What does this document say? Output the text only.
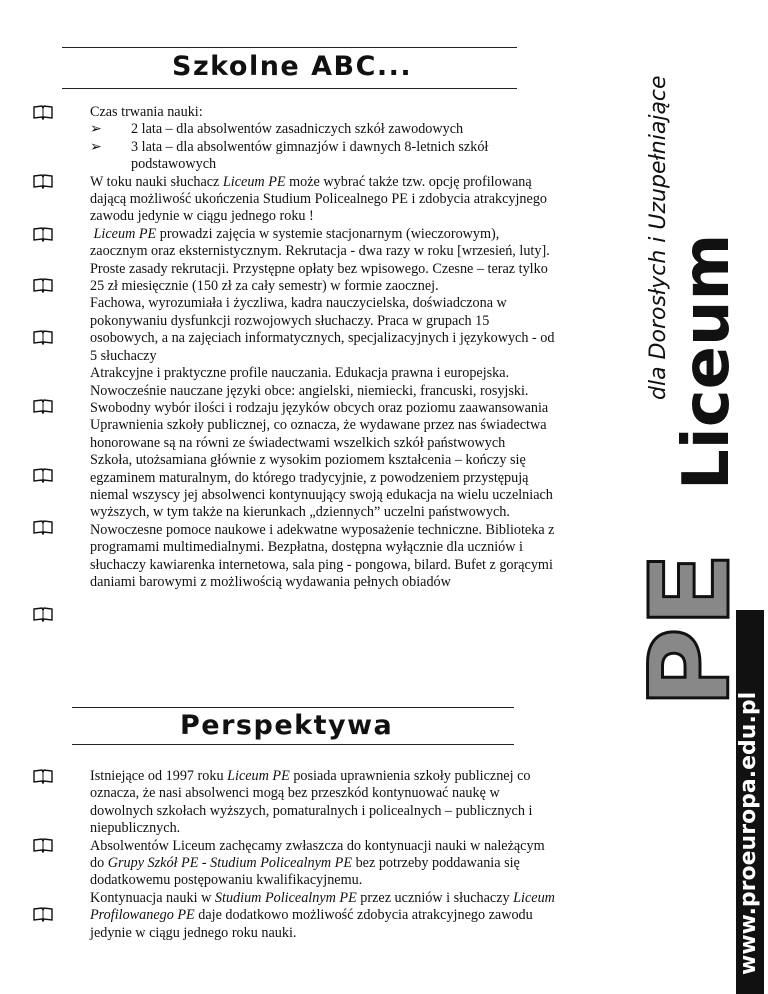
Szkolne ABC...

Czas trwania nauki:

➢	2 lata – dla absolwentów zasadniczych szkół zawodowych
➢	3 lata – dla absolwentów gimnazjów i dawnych 8-letnich szkół podstawowych

W toku nauki słuchacz Liceum PE może wybrać także tzw. opcję profilowaną dającą możliwość ukończenia Studium Policealnego PE i zdobycia atrakcyjnego zawodu jedynie w ciągu jednego roku !

Liceum PE prowadzi zajęcia w systemie stacjonarnym (wieczorowym), zaocznym oraz eksternistycznym. Rekrutacja - dwa razy w roku [wrzesień, luty].

Proste zasady rekrutacji. Przystępne opłaty bez wpisowego. Czesne – teraz tylko 25 zł miesięcznie (150 zł za cały semestr) w formie zaocznej.

Fachowa, wyrozumiała i życzliwa, kadra nauczycielska, doświadczona w pokonywaniu dysfunkcji rozwojowych słuchaczy. Praca w grupach 15 osobowych, a na zajęciach informatycznych, specjalizacyjnych i językowych - od 5 słuchaczy

Atrakcyjne i praktyczne profile nauczania. Edukacja prawna i europejska. Nowocześnie nauczane języki obce: angielski, niemiecki, francuski, rosyjski. Swobodny wybór ilości i rodzaju języków obcych oraz poziomu zaawansowania

Uprawnienia szkoły publicznej, co oznacza, że wydawane przez nas świadectwa honorowane są na równi ze świadectwami wszelkich szkół państwowych

Szkoła, utożsamiana głównie z wysokim poziomem kształcenia – kończy się egzaminem maturalnym, do którego tradycyjnie, z powodzeniem przystępują niemal wszyscy jej absolwenci kontynuujący swoją edukacja na wielu uczelniach wyższych, w tym także na kierunkach „dziennych” uczelni państwowych.

Nowoczesne pomoce naukowe i adekwatne wyposażenie techniczne. Biblioteka z programami multimedialnymi. Bezpłatna, dostępna wyłącznie dla uczniów i słuchaczy kawiarenka internetowa, sala ping - pongowa, bilard. Bufet z gorącymi daniami barowymi z możliwością wydawania pełnych obiadów

Perspektywa

Istniejące od 1997 roku Liceum PE posiada uprawnienia szkoły publicznej co oznacza, że nasi absolwenci mogą bez przeszkód kontynuować naukę w dowolnych szkołach wyższych, pomaturalnych i policealnych – publicznych i niepublicznych.

Absolwentów Liceum zachęcamy zwłaszcza do kontynuacji nauki w należącym do Grupy Szkół PE - Studium Policealnym PE bez potrzeby poddawania się dodatkowemu postępowaniu kwalifikacyjnemu.

Kontynuacja nauki w Studium Policealnym PE przez uczniów i słuchaczy Liceum Profilowanego PE daje dodatkowo możliwość zdobycia atrakcyjnego zawodu jedynie w ciągu jednego roku nauki.	www.proeuropa.edu.pl
PE
Liceum
dla Dorosłych i Uzupełniające
